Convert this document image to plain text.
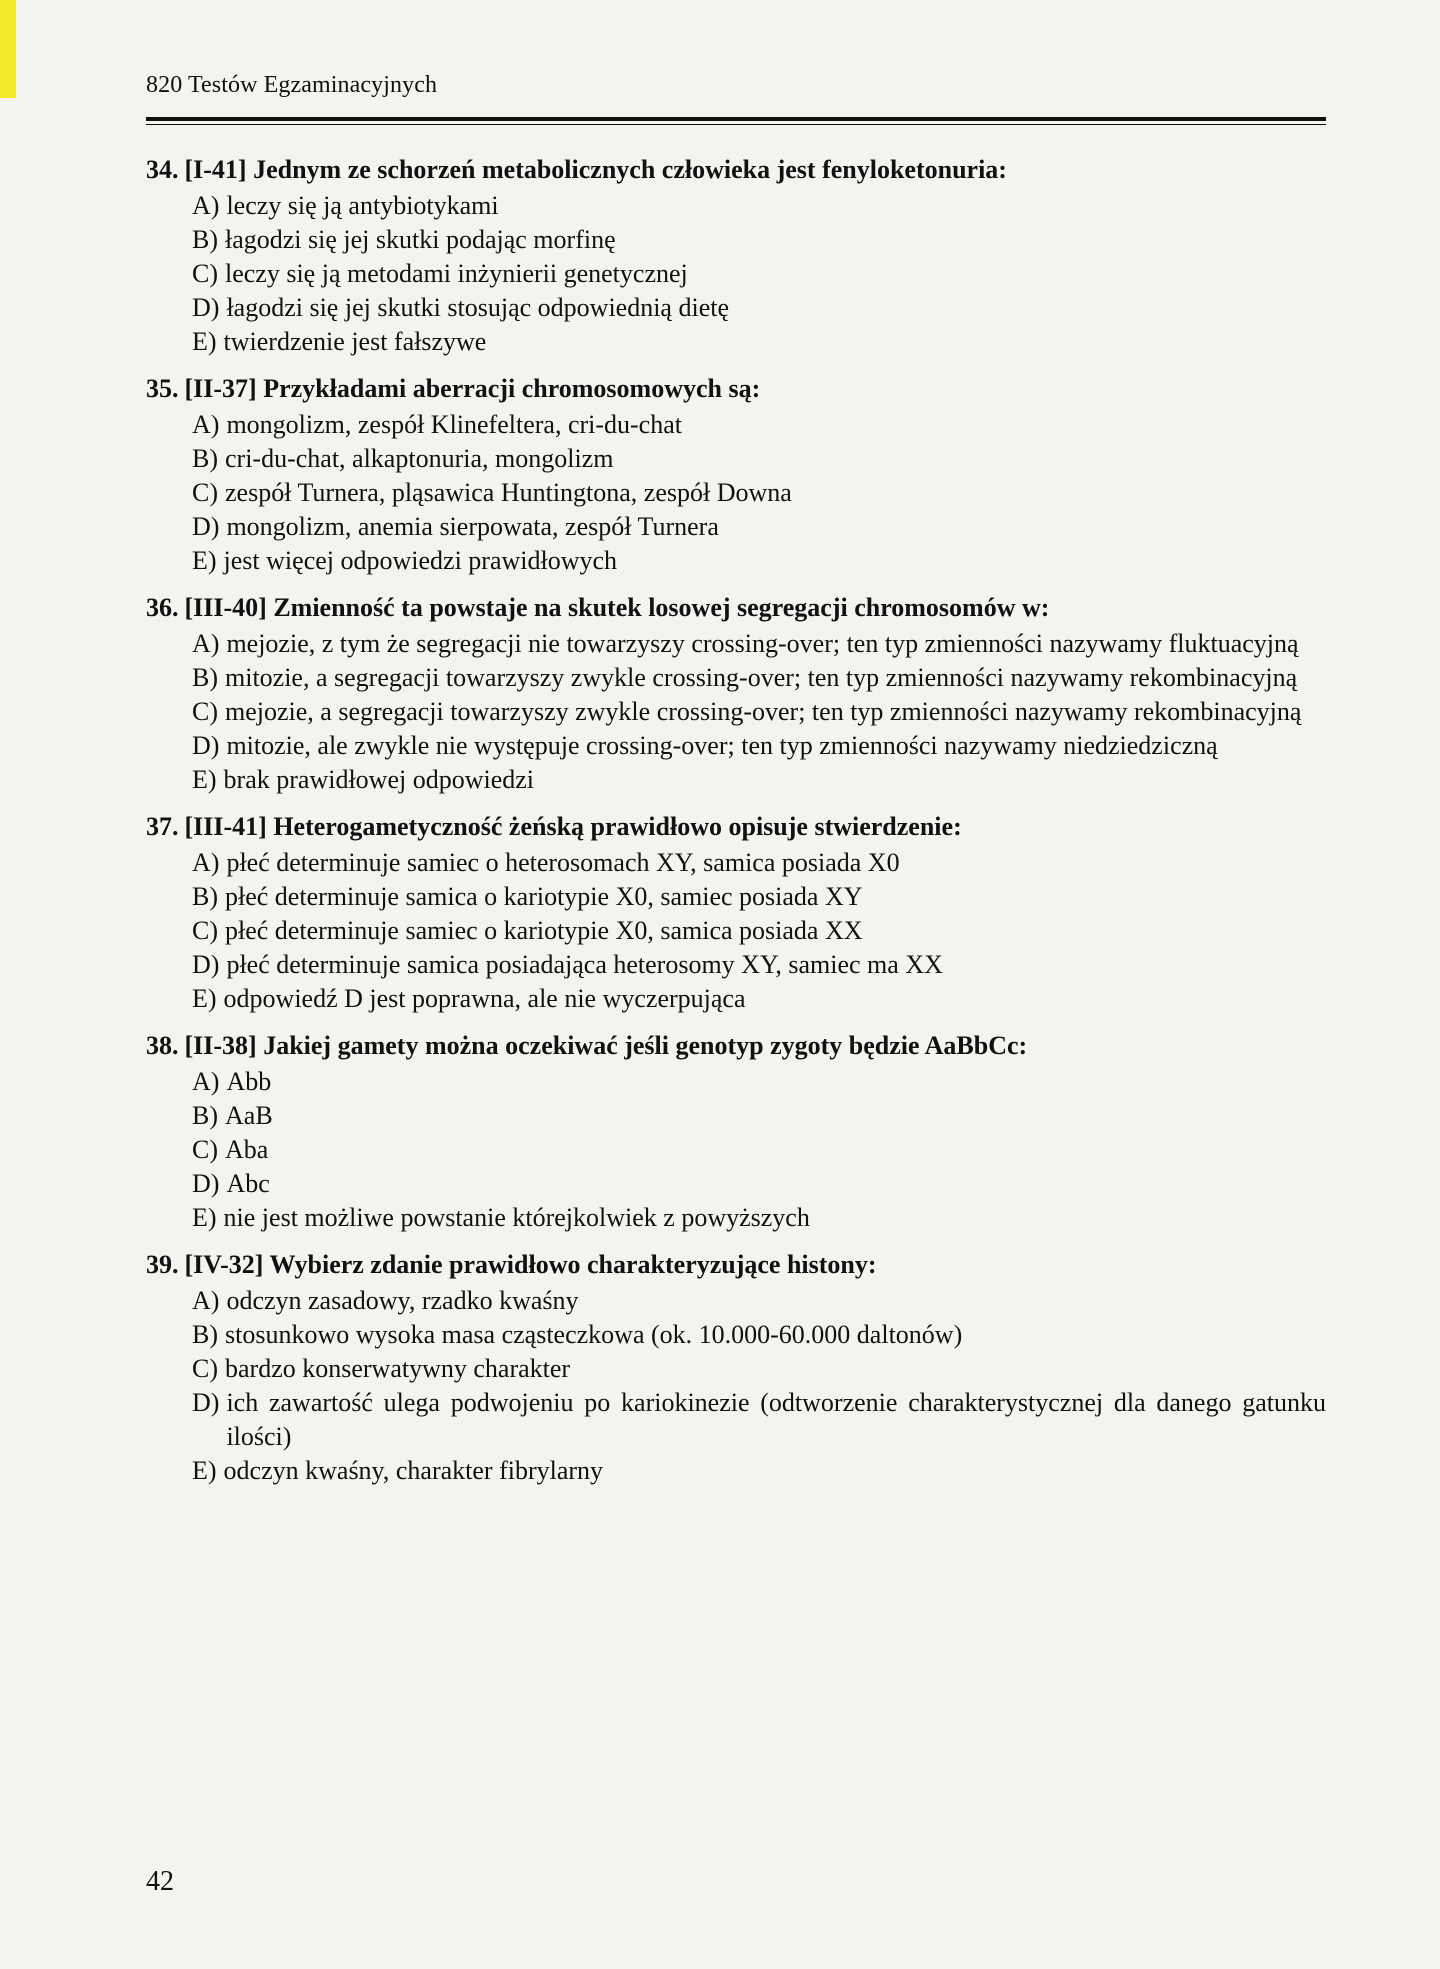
820 Testów Egzaminacyjnych

34. [I-41] Jednym ze schorzeń metabolicznych człowieka jest fenyloketonuria:

A) leczy się ją antybiotykami
B) łagodzi się jej skutki podając morfinę
C) leczy się ją metodami inżynierii genetycznej
D) łagodzi się jej skutki stosując odpowiednią dietę
E) twierdzenie jest fałszywe

35. [II-37] Przykładami aberracji chromosomowych są:

A) mongolizm, zespół Klinefeltera, cri-du-chat
B) cri-du-chat, alkaptonuria, mongolizm
C) zespół Turnera, pląsawica Huntingtona, zespół Downa
D) mongolizm, anemia sierpowata, zespół Turnera
E) jest więcej odpowiedzi prawidłowych

36. [III-40] Zmienność ta powstaje na skutek losowej segregacji chromosomów w:

A) mejozie, z tym że segregacji nie towarzyszy crossing-over; ten typ zmienności nazywamy fluktuacyjną
B) mitozie, a segregacji towarzyszy zwykle crossing-over; ten typ zmienności nazywamy rekombinacyjną
C) mejozie, a segregacji towarzyszy zwykle crossing-over; ten typ zmienności nazywamy rekombinacyjną
D) mitozie, ale zwykle nie występuje crossing-over; ten typ zmienności nazywamy niedziedziczną
E) brak prawidłowej odpowiedzi

37. [III-41] Heterogametyczność żeńską prawidłowo opisuje stwierdzenie:

A) płeć determinuje samiec o heterosomach XY, samica posiada X0
B) płeć determinuje samica o kariotypie X0, samiec posiada XY
C) płeć determinuje samiec o kariotypie X0, samica posiada XX
D) płeć determinuje samica posiadająca heterosomy XY, samiec ma XX
E) odpowiedź D jest poprawna, ale nie wyczerpująca

38. [II-38] Jakiej gamety można oczekiwać jeśli genotyp zygoty będzie AaBbCc:

A) Abb
B) AaB
C) Aba
D) Abc
E) nie jest możliwe powstanie którejkolwiek z powyższych

39. [IV-32] Wybierz zdanie prawidłowo charakteryzujące histony:

A) odczyn zasadowy, rzadko kwaśny
B) stosunkowo wysoka masa cząsteczkowa (ok. 10.000-60.000 daltonów)
C) bardzo konserwatywny charakter
D) ich zawartość ulega podwojeniu po kariokinezie (odtworzenie charakterystycznej dla danego gatunku ilości)
E) odczyn kwaśny, charakter fibrylarny
42
